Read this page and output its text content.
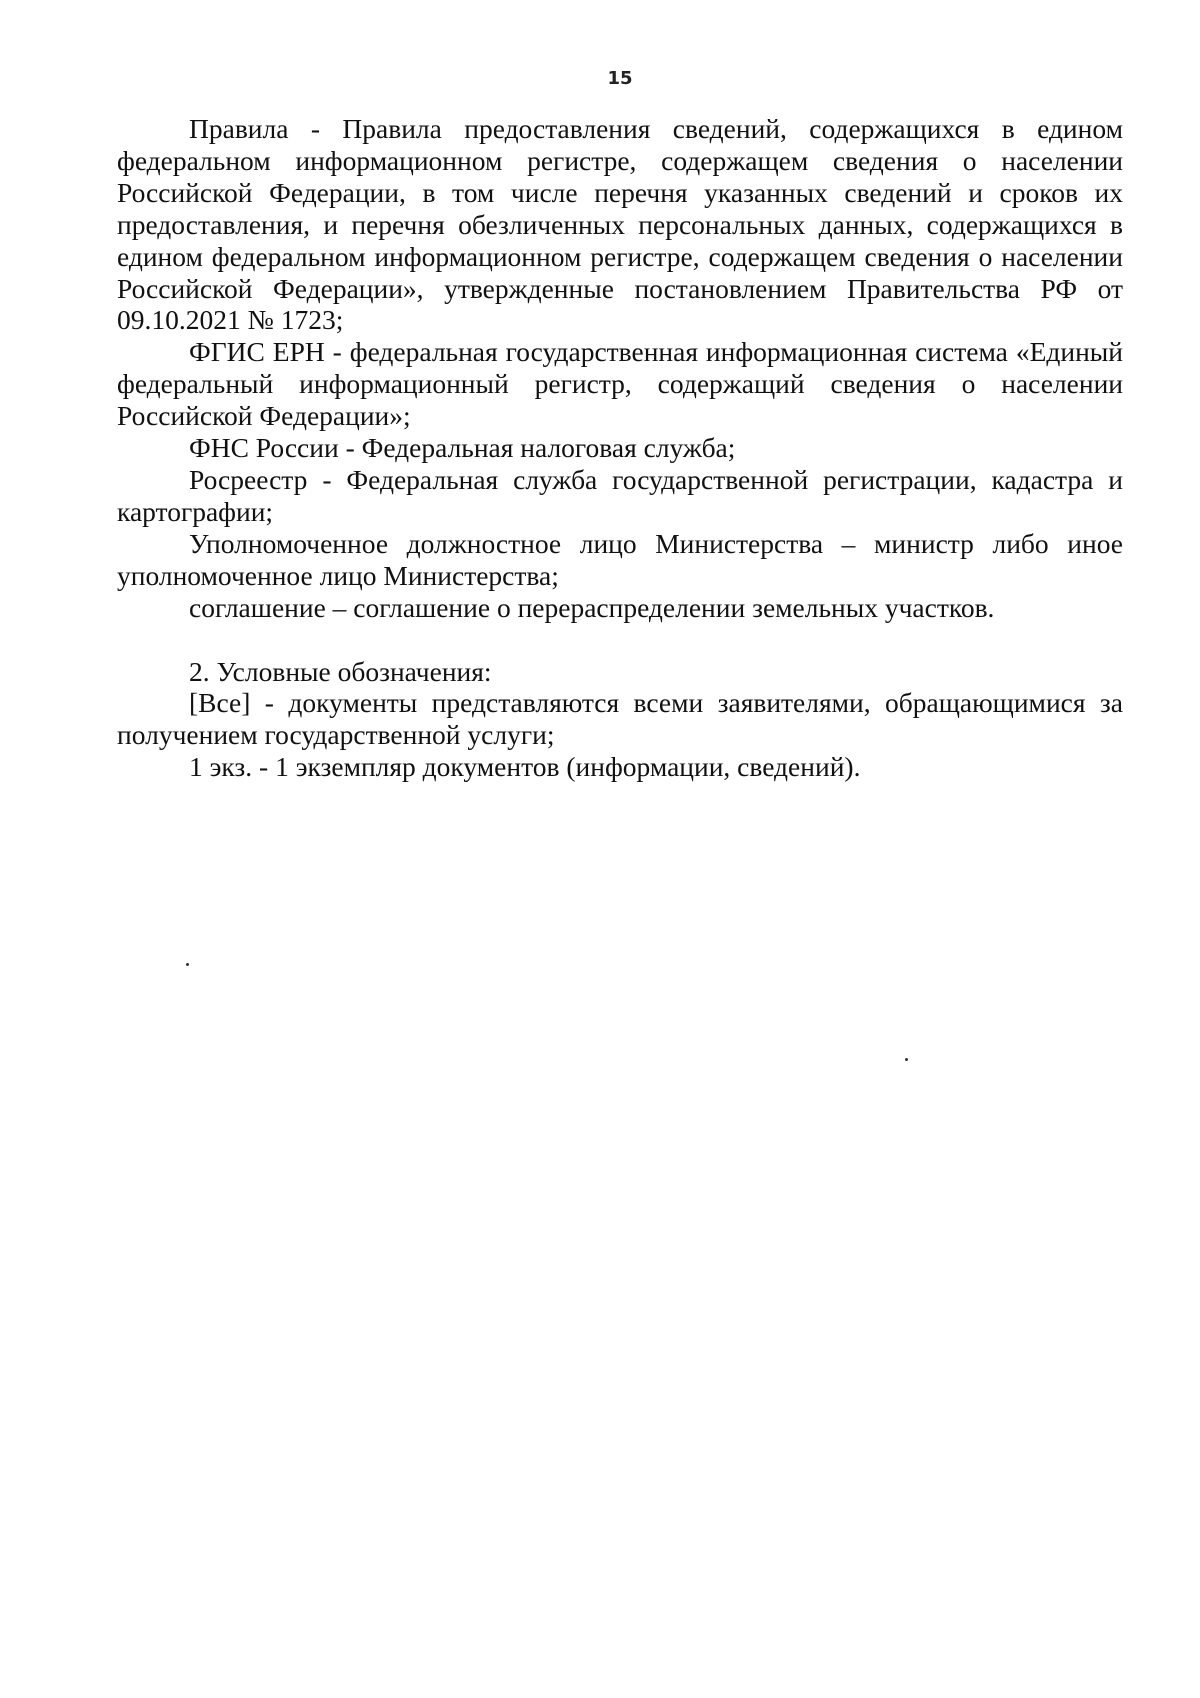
15

Правила - Правила предоставления сведений, содержащихся в едином федеральном информационном регистре, содержащем сведения о населении Российской Федерации, в том числе перечня указанных сведений и сроков их предоставления, и перечня обезличенных персональных данных, содержащихся в едином федеральном информационном регистре, содержащем сведения о населении Российской Федерации», утвержденные постановлением Правительства РФ от 09.10.2021 № 1723;

ФГИС ЕРН - федеральная государственная информационная система «Единый федеральный информационный регистр, содержащий сведения о населении Российской Федерации»;

ФНС России - Федеральная налоговая служба;

Росреестр - Федеральная служба государственной регистрации, кадастра и картографии;

Уполномоченное должностное лицо Министерства – министр либо иное уполномоченное лицо Министерства;

соглашение – соглашение о перераспределении земельных участков.

2. Условные обозначения:

[Все] - документы представляются всеми заявителями, обращающимися за получением государственной услуги;

1 экз. - 1 экземпляр документов (информации, сведений).
